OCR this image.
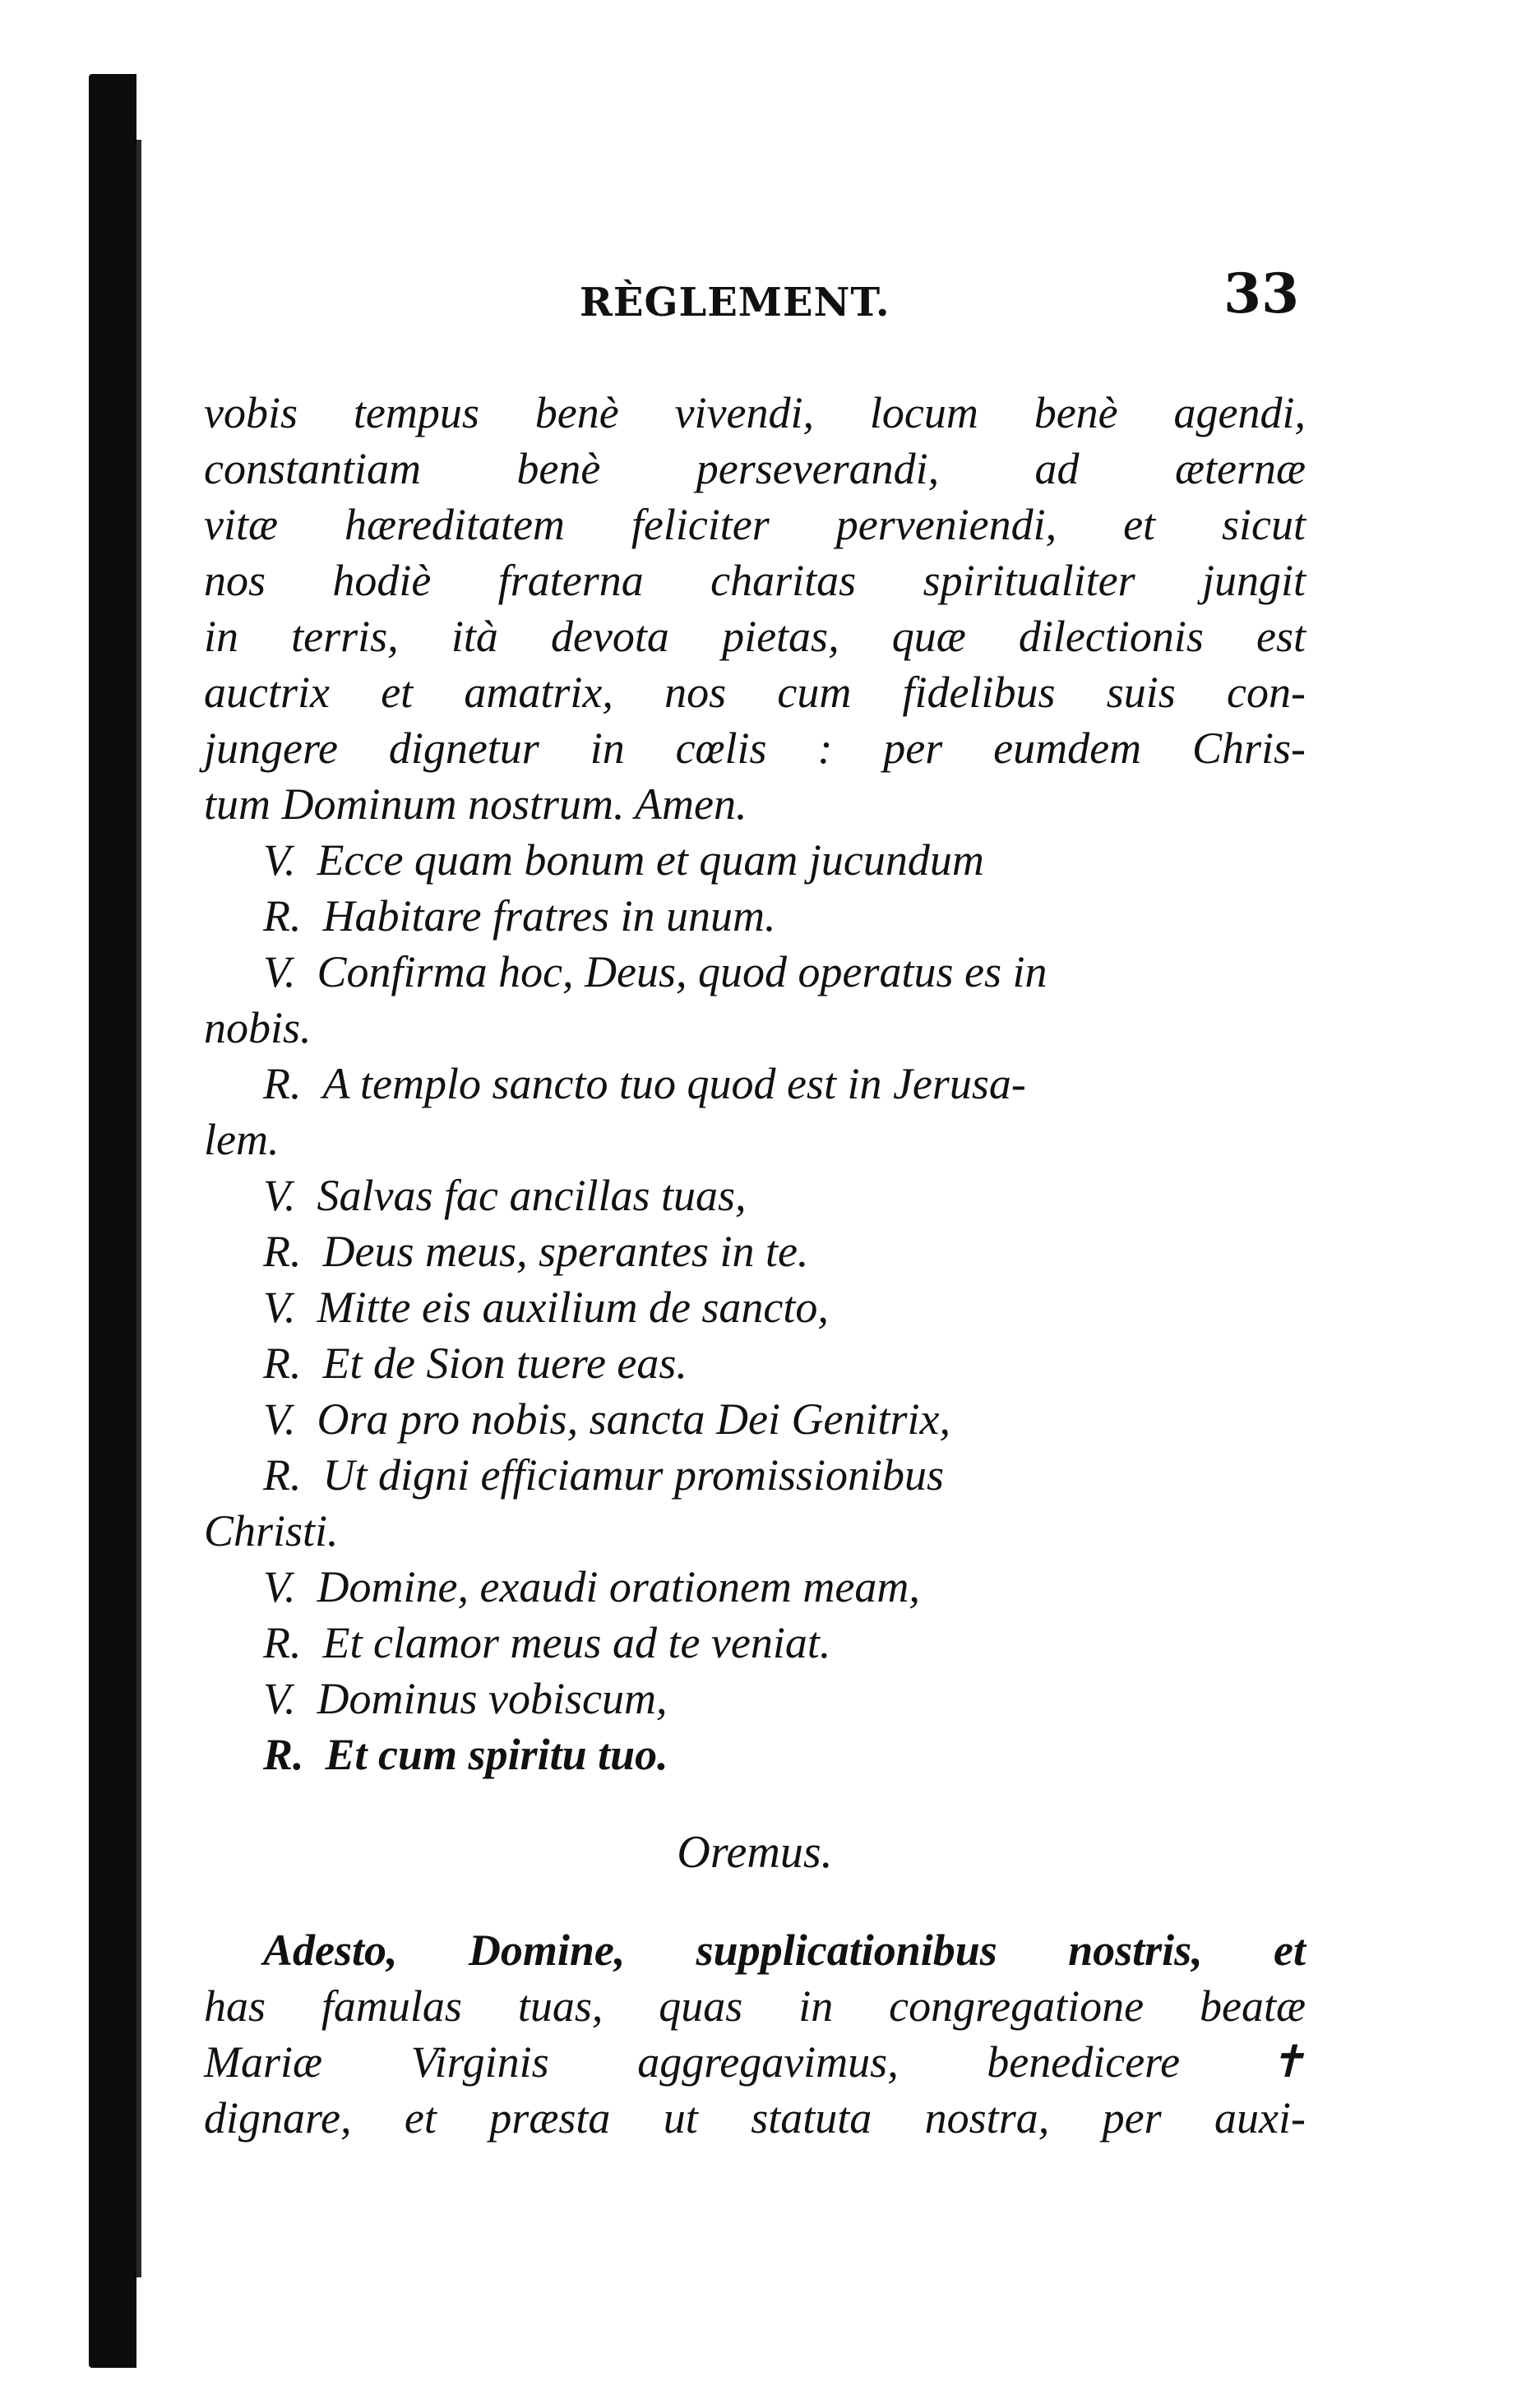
RÈGLEMENT.	33
vobis tempus benè vivendi, locum benè agendi,
constantiam benè perseverandi, ad æternæ
vitæ hæreditatem feliciter perveniendi, et sicut
nos hodiè fraterna charitas spiritualiter jungit
in terris, ità devota pietas, quæ dilectionis est
auctrix et amatrix, nos cum fidelibus suis con-
jungere dignetur in cœlis : per eumdem Chris-
tum Dominum nostrum. Amen.
V. Ecce quam bonum et quam jucundum
R. Habitare fratres in unum.
V. Confirma hoc, Deus, quod operatus es in
nobis.
R. A templo sancto tuo quod est in Jerusa-
lem.
V. Salvas fac ancillas tuas,
R. Deus meus, sperantes in te.
V. Mitte eis auxilium de sancto,
R. Et de Sion tuere eas.
V. Ora pro nobis, sancta Dei Genitrix,
R. Ut digni efficiamur promissionibus
Christi.
V. Domine, exaudi orationem meam,
R. Et clamor meus ad te veniat.
V. Dominus vobiscum,
R. Et cum spiritu tuo.
Oremus.
Adesto, Domine, supplicationibus nostris, et
has famulas tuas, quas in congregatione beatæ
Mariæ Virginis aggregavimus, benedicere ✝
dignare, et præsta ut statuta nostra, per auxi-
